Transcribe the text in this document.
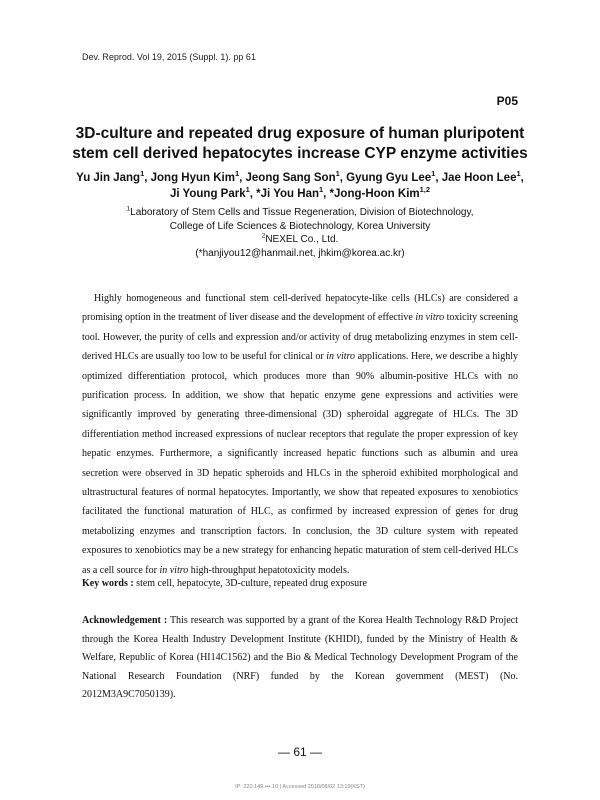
Dev. Reprod. Vol 19, 2015 (Suppl. 1). pp 61
P05
3D-culture and repeated drug exposure of human pluripotent
stem cell derived hepatocytes increase CYP enzyme activities
Yu Jin Jang$^1$, Jong Hyun Kim$^1$, Jeong Sang Son$^1$, Gyung Gyu Lee$^1$, Jae Hoon Lee$^1$,
Ji Young Park$^1$, *Ji You Han$^1$, *Jong-Hoon Kim$^{1,2}$
$^1$Laboratory of Stem Cells and Tissue Regeneration, Division of Biotechnology,
College of Life Sciences & Biotechnology, Korea University
$^2$NEXEL Co., Ltd.
(*hanjiyou12@hanmail.net, jhkim@korea.ac.kr)

Highly homogeneous and functional stem cell-derived hepatocyte-like cells (HLCs) are considered a promising option in the treatment of liver disease and the development of effective in vitro toxicity screening tool. However, the purity of cells and expression and/or activity of drug metabolizing enzymes in stem cell-derived HLCs are usually too low to be useful for clinical or in vitro applications. Here, we describe a highly optimized differentiation protocol, which produces more than 90% albumin-positive HLCs with no purification process. In addition, we show that hepatic enzyme gene expressions and activities were significantly improved by generating three-dimensional (3D) spheroidal aggregate of HLCs. The 3D differentiation method increased expressions of nuclear receptors that regulate the proper expression of key hepatic enzymes. Furthermore, a significantly increased hepatic functions such as albumin and urea secretion were observed in 3D hepatic spheroids and HLCs in the spheroid exhibited morphological and ultrastructural features of normal hepatocytes. Importantly, we show that repeated exposures to xenobiotics facilitated the functional maturation of HLC, as confirmed by increased expression of genes for drug metabolizing enzymes and transcription factors. In conclusion, the 3D culture system with repeated exposures to xenobiotics may be a new strategy for enhancing hepatic maturation of stem cell-derived HLCs as a cell source for in vitro high-throughput hepatotoxicity models.

Key words : stem cell, hepatocyte, 3D-culture, repeated drug exposure

Acknowledgement : This research was supported by a grant of the Korea Health Technology R&D Project through the Korea Health Industry Development Institute (KHIDI), funded by the Ministry of Health & Welfare, Republic of Korea (HI14C1562) and the Bio & Medical Technology Development Program of the National Research Foundation (NRF) funded by the Korean government (MEST) (No. 2012M3A9C7050139).

— 61 —
IP: 220.149.•••.10 | Accessed 2018/08/02 13:19(KST)
